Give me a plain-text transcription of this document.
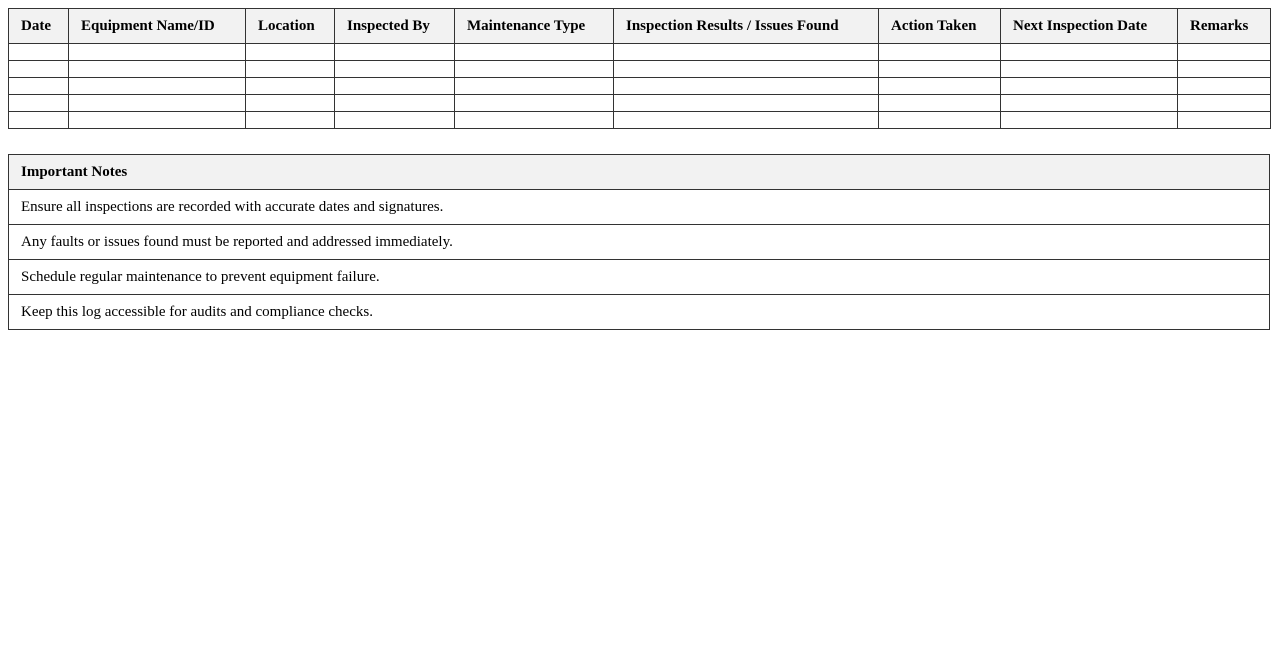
Date	Equipment Name/ID	Location	Inspected By	Maintenance Type	Inspection Results / Issues Found	Action Taken	Next Inspection Date	Remarks

Important Notes
Ensure all inspections are recorded with accurate dates and signatures.
Any faults or issues found must be reported and addressed immediately.
Schedule regular maintenance to prevent equipment failure.
Keep this log accessible for audits and compliance checks.
